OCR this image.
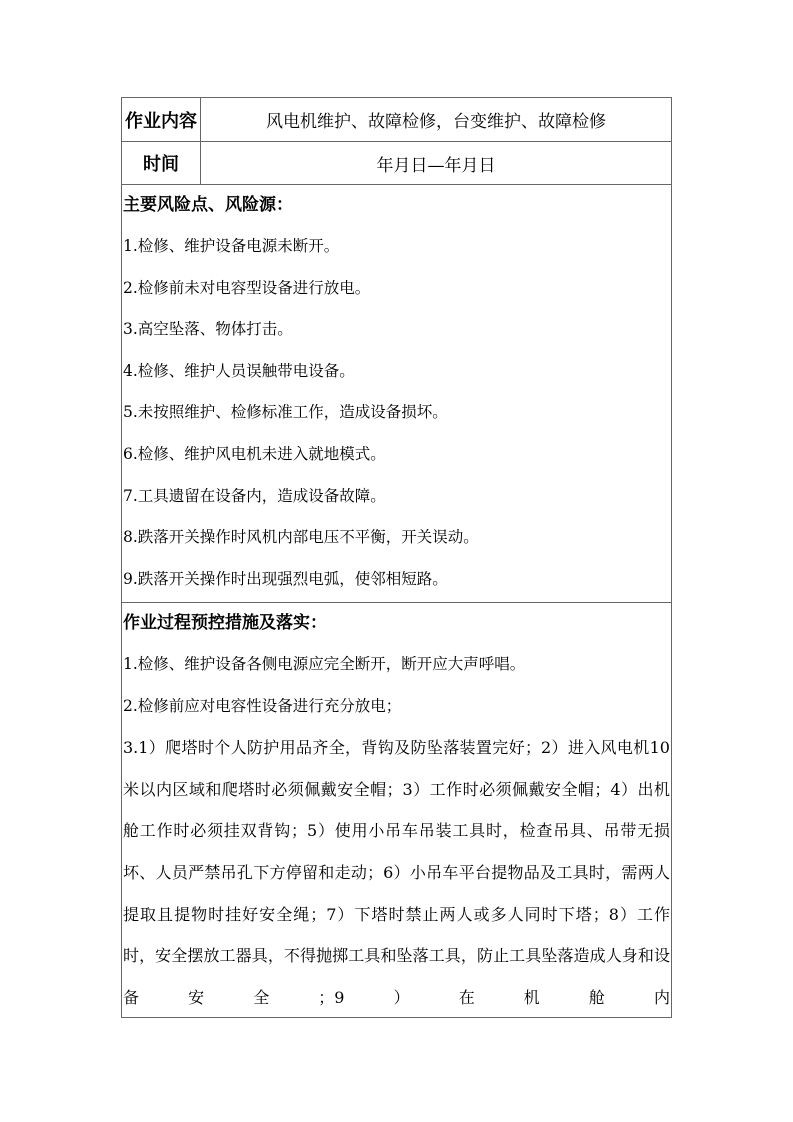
作业内容	风电机维护、故障检修，台变维护、故障检修
时间	年月日—年月日
主要风险点、风险源：
1.检修、维护设备电源未断开。
2.检修前未对电容型设备进行放电。
3.高空坠落、物体打击。
4.检修、维护人员误触带电设备。
5.未按照维护、检修标准工作，造成设备损坏。
6.检修、维护风电机未进入就地模式。
7.工具遗留在设备内，造成设备故障。
8.跌落开关操作时风机内部电压不平衡，开关误动。
9.跌落开关操作时出现强烈电弧，使邻相短路。
作业过程预控措施及落实：
1.检修、维护设备各侧电源应完全断开，断开应大声呼唱。
2.检修前应对电容性设备进行充分放电；
3.1）爬塔时个人防护用品齐全，背钩及防坠落装置完好；2）进入风电机10米以内区域和爬塔时必须佩戴安全帽；3）工作时必须佩戴安全帽；4）出机舱工作时必须挂双背钩；5）使用小吊车吊装工具时，检查吊具、吊带无损坏、人员严禁吊孔下方停留和走动；6）小吊车平台提物品及工具时，需两人提取且提物时挂好安全绳；7）下塔时禁止两人或多人同时下塔；8）工作时，安全摆放工器具，不得抛掷工具和坠落工具，防止工具坠落造成人身和设备安全；9）在机舱内
